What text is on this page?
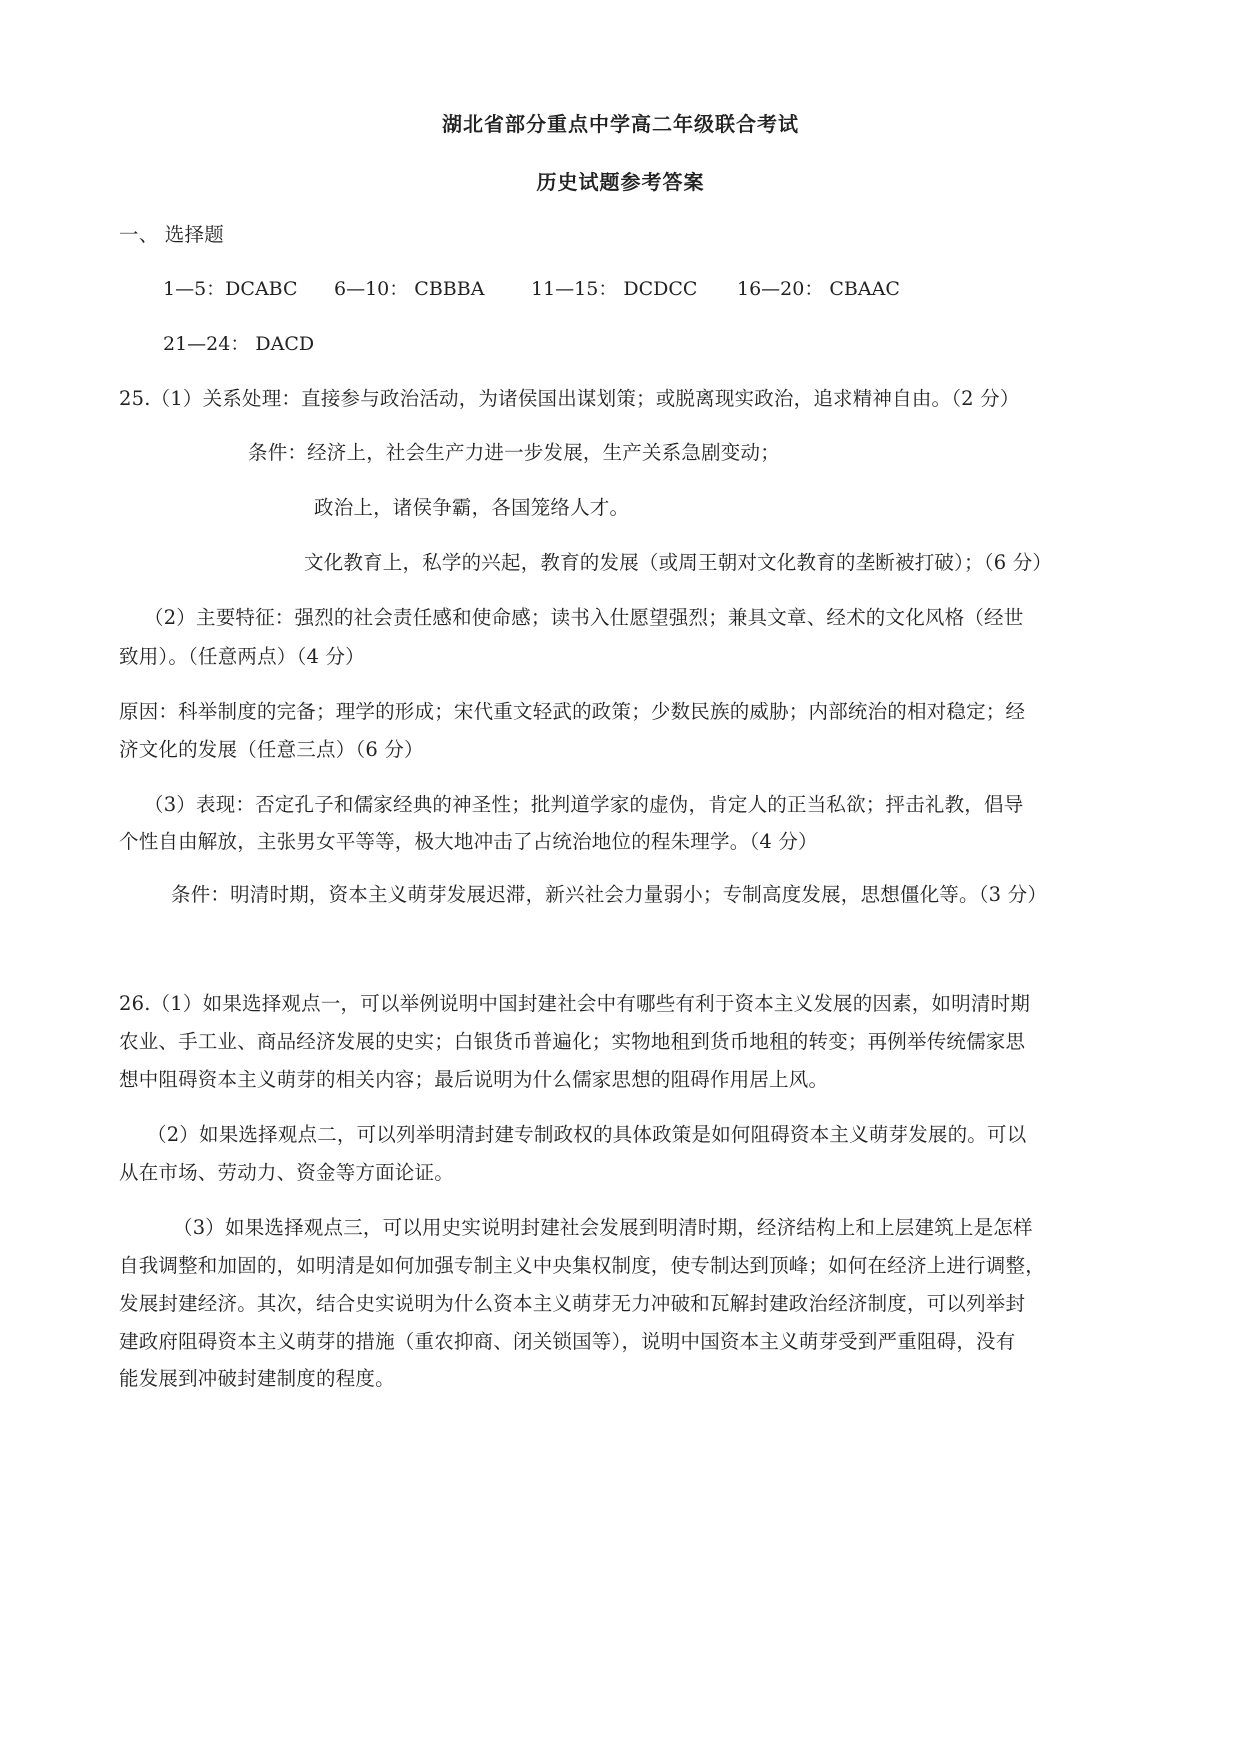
湖北省部分重点中学高二年级联合考试
历史试题参考答案
一、 选择题
1—5：DCABC 6—10： CBBBA 11—15： DCDCC 16—20： CBAAC
21—24： DACD
25.（1）关系处理：直接参与政治活动，为诸侯国出谋划策；或脱离现实政治，追求精神自由。（2 分）
条件：经济上，社会生产力进一步发展，生产关系急剧变动；
政治上，诸侯争霸，各国笼络人才。
文化教育上，私学的兴起，教育的发展（或周王朝对文化教育的垄断被打破）；（6 分）
（2）主要特征：强烈的社会责任感和使命感；读书入仕愿望强烈；兼具文章、经术的文化风格（经世
致用）。（任意两点）（4 分）
原因：科举制度的完备；理学的形成；宋代重文轻武的政策；少数民族的威胁；内部统治的相对稳定；经
济文化的发展（任意三点）（6 分）
（3）表现：否定孔子和儒家经典的神圣性；批判道学家的虚伪，肯定人的正当私欲；抨击礼教，倡导
个性自由解放，主张男女平等等，极大地冲击了占统治地位的程朱理学。（4 分）
条件：明清时期，资本主义萌芽发展迟滞，新兴社会力量弱小；专制高度发展，思想僵化等。（3 分）
26.（1）如果选择观点一，可以举例说明中国封建社会中有哪些有利于资本主义发展的因素，如明清时期
农业、手工业、商品经济发展的史实；白银货币普遍化；实物地租到货币地租的转变；再例举传统儒家思
想中阻碍资本主义萌芽的相关内容；最后说明为什么儒家思想的阻碍作用居上风。
（2）如果选择观点二，可以列举明清封建专制政权的具体政策是如何阻碍资本主义萌芽发展的。可以
从在市场、劳动力、资金等方面论证。
（3）如果选择观点三，可以用史实说明封建社会发展到明清时期，经济结构上和上层建筑上是怎样
自我调整和加固的，如明清是如何加强专制主义中央集权制度，使专制达到顶峰；如何在经济上进行调整，
发展封建经济。其次，结合史实说明为什么资本主义萌芽无力冲破和瓦解封建政治经济制度，可以列举封
建政府阻碍资本主义萌芽的措施（重农抑商、闭关锁国等），说明中国资本主义萌芽受到严重阻碍，没有
能发展到冲破封建制度的程度。
